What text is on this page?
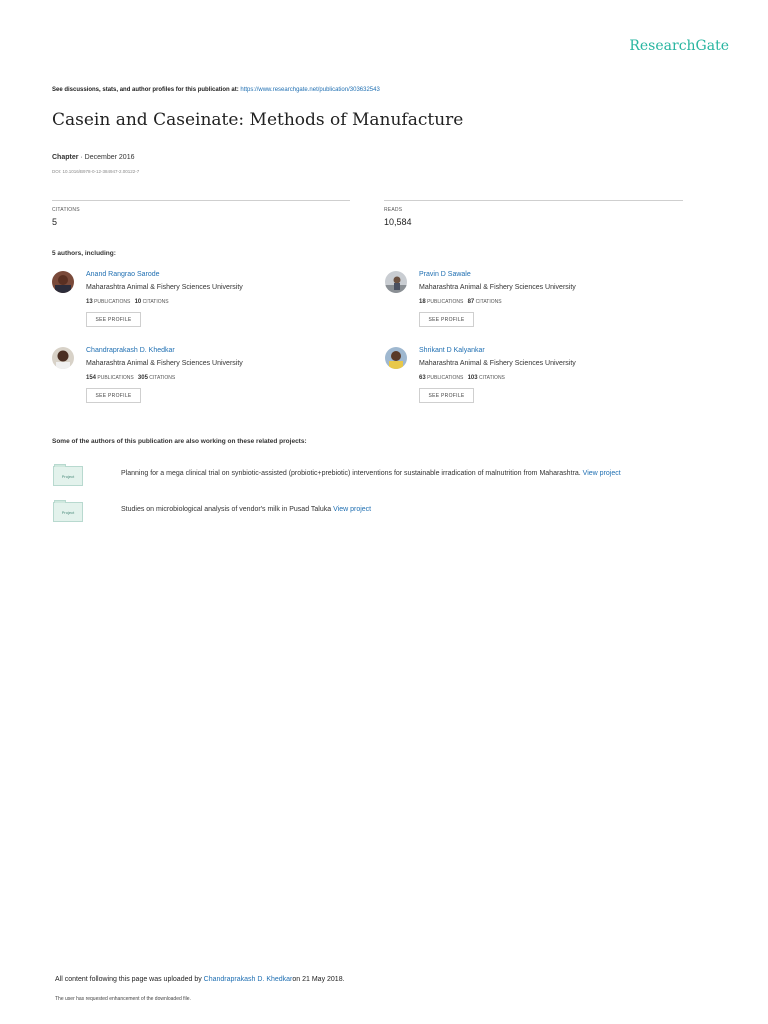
ResearchGate
See discussions, stats, and author profiles for this publication at: https://www.researchgate.net/publication/303632543
Casein and Caseinate: Methods of Manufacture
Chapter · December 2016
DOI: 10.1016/B978-0-12-384947-2.00122-7
CITATIONS
5
READS
10,584
5 authors, including:
Anand Rangrao Sarode
Maharashtra Animal & Fishery Sciences University
13 PUBLICATIONS 10 CITATIONS
SEE PROFILE
Pravin D Sawale
Maharashtra Animal & Fishery Sciences University
18 PUBLICATIONS 87 CITATIONS
SEE PROFILE
Chandraprakash D. Khedkar
Maharashtra Animal & Fishery Sciences University
154 PUBLICATIONS 305 CITATIONS
SEE PROFILE
Shrikant D Kalyankar
Maharashtra Animal & Fishery Sciences University
63 PUBLICATIONS 103 CITATIONS
SEE PROFILE
Some of the authors of this publication are also working on these related projects:
Project	Planning for a mega clinical trial on synbiotic-assisted (probiotic+prebiotic) interventions for sustainable irradication of malnutrition from Maharashtra. View project
Project	Studies on microbiological analysis of vendor's milk in Pusad Taluka View project
All content following this page was uploaded by Chandraprakash D. Khedkaron 21 May 2018.
The user has requested enhancement of the downloaded file.
